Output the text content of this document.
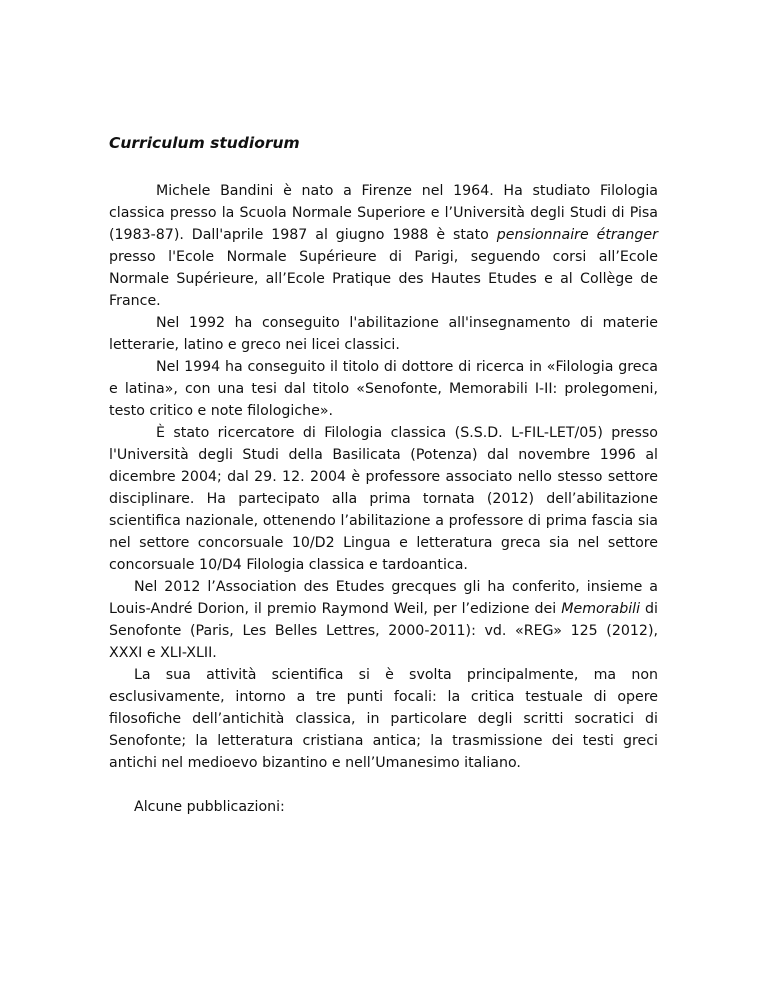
Curriculum studiorum

Michele Bandini è nato a Firenze nel 1964. Ha studiato Filologia classica presso la Scuola Normale Superiore e l’Università degli Studi di Pisa (1983-87). Dall'aprile 1987 al giugno 1988 è stato pensionnaire étranger presso l'Ecole Normale Supérieure di Parigi, seguendo corsi all’Ecole Normale Supérieure, all’Ecole Pratique des Hautes Etudes e al Collège de France.

Nel 1992 ha conseguito l'abilitazione all'insegnamento di materie letterarie, latino e greco nei licei classici.

Nel 1994 ha conseguito il titolo di dottore di ricerca in «Filologia greca e latina», con una tesi dal titolo «Senofonte, Memorabili I-II: prolegomeni, testo critico e note filologiche».

È stato ricercatore di Filologia classica (S.S.D. L-FIL-LET/05) presso l'Università degli Studi della Basilicata (Potenza) dal novembre 1996 al dicembre 2004; dal 29. 12. 2004 è professore associato nello stesso settore disciplinare. Ha partecipato alla prima tornata (2012) dell’abilitazione scientifica nazionale, ottenendo l’abilitazione a professore di prima fascia sia nel settore concorsuale 10/D2 Lingua e letteratura greca sia nel settore concorsuale 10/D4 Filologia classica e tardoantica.

Nel 2012 l’Association des Etudes grecques gli ha conferito, insieme a Louis-André Dorion, il premio Raymond Weil, per l’edizione dei Memorabili di Senofonte (Paris, Les Belles Lettres, 2000-2011): vd. «REG» 125 (2012), XXXI e XLI-XLII.

La sua attività scientifica si è svolta principalmente, ma non esclusivamente, intorno a tre punti focali: la critica testuale di opere filosofiche dell’antichità classica, in particolare degli scritti socratici di Senofonte; la letteratura cristiana antica; la trasmissione dei testi greci antichi nel medioevo bizantino e nell’Umanesimo italiano.

Alcune pubblicazioni:
